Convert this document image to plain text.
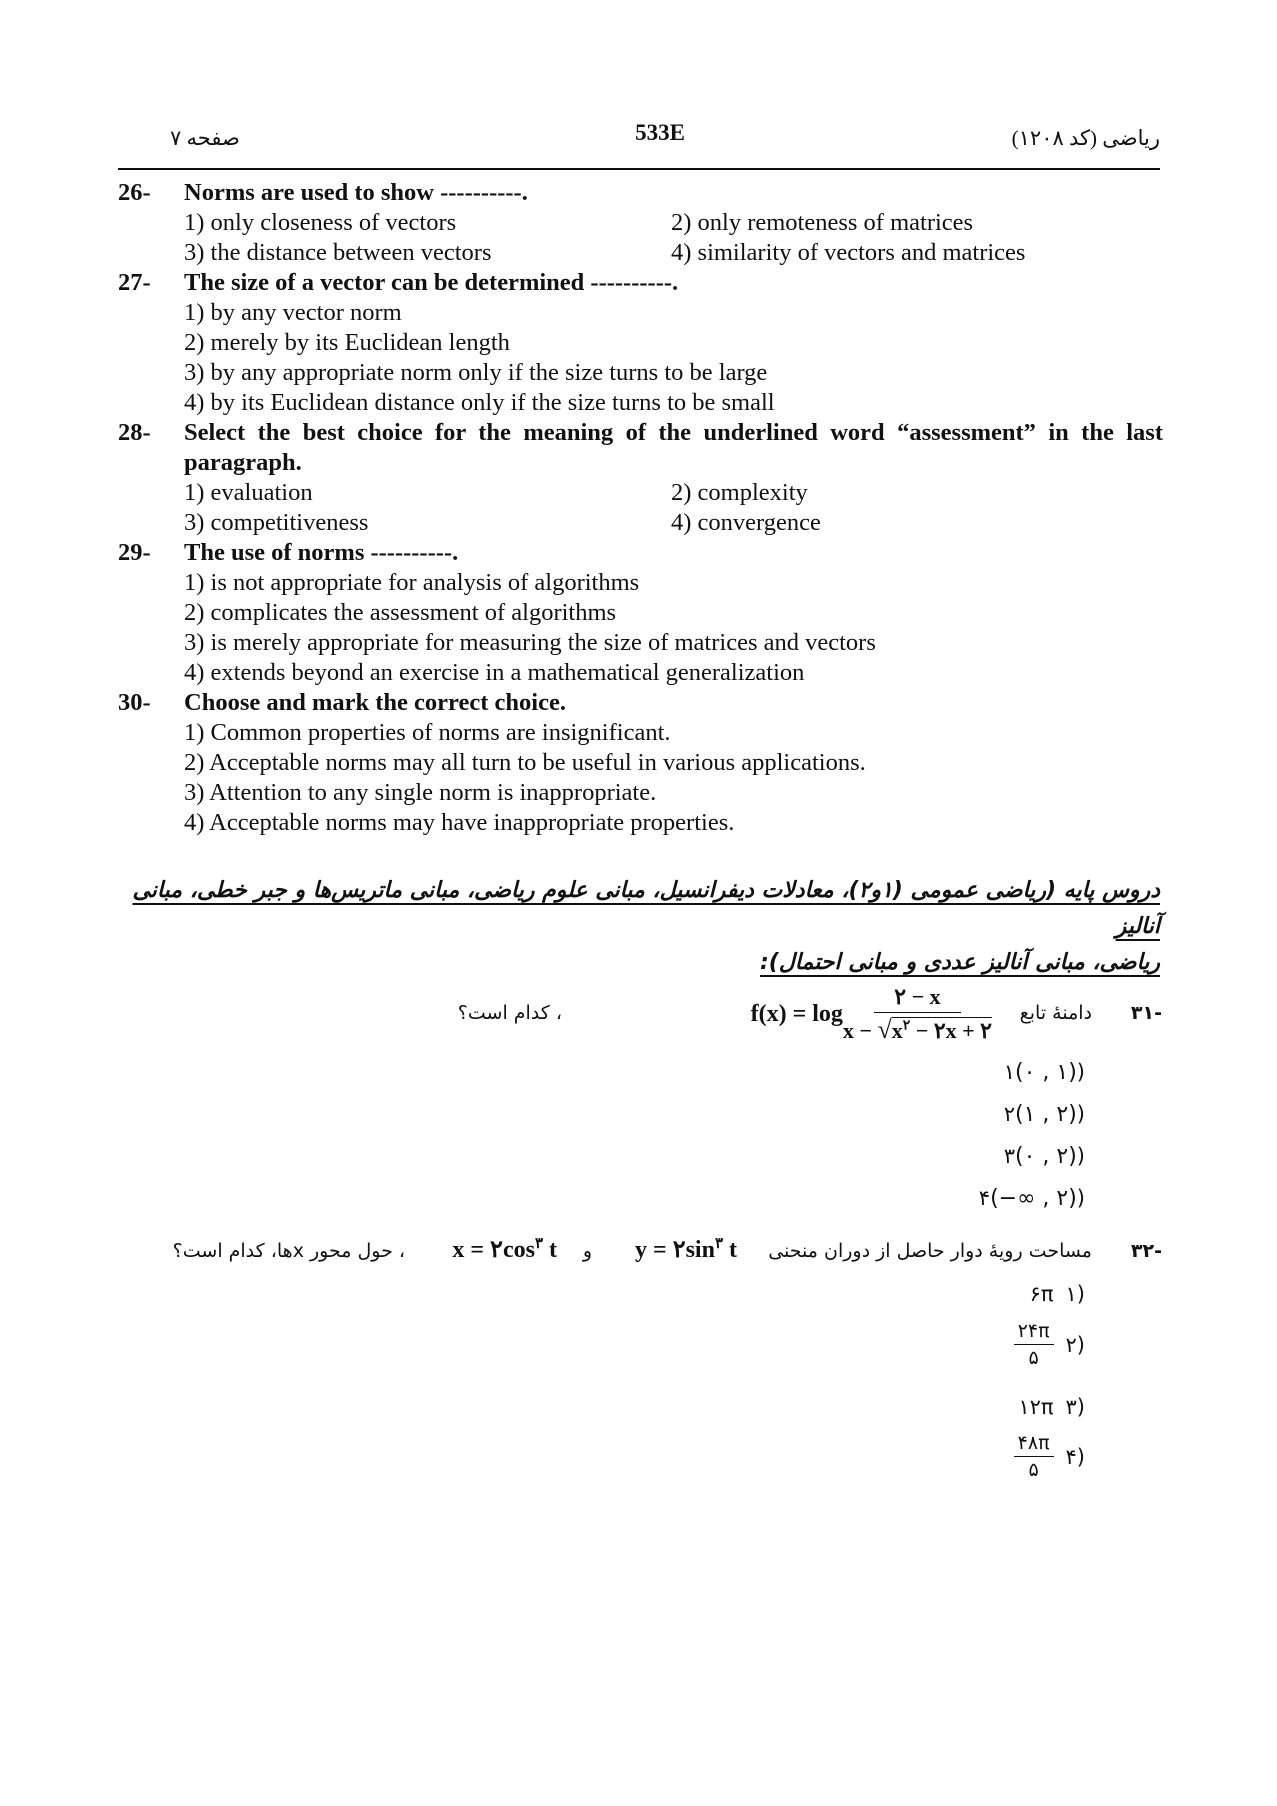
صفحه ۷	533E	ریاضی (کد ۱۲۰۸)
26- Norms are used to show ----------.
1) only closeness of vectors	2) only remoteness of matrices
3) the distance between vectors	4) similarity of vectors and matrices
27- The size of a vector can be determined ----------.
1) by any vector norm
2) merely by its Euclidean length
3) by any appropriate norm only if the size turns to be large
4) by its Euclidean distance only if the size turns to be small
28- Select the best choice for the meaning of the underlined word “assessment” in the last paragraph.
1) evaluation	2) complexity
3) competitiveness	4) convergence
29- The use of norms ----------.
1) is not appropriate for analysis of algorithms
2) complicates the assessment of algorithms
3) is merely appropriate for measuring the size of matrices and vectors
4) extends beyond an exercise in a mathematical generalization
30- Choose and mark the correct choice.
1) Common properties of norms are insignificant.
2) Acceptable norms may all turn to be useful in various applications.
3) Attention to any single norm is inappropriate.
4) Acceptable norms may have inappropriate properties.
دروس پایه (ریاضی عمومی (۱و۲)، معادلات دیفرانسیل، مبانی علوم ریاضی، مبانی ماتریس‌ها و جبر خطی، مبانی آنالیز
ریاضی، مبانی آنالیز عددی و مبانی احتمال):
-۳۱
دامنهٔ تابع
$f(x) = \log \frac{۲ - x}{x - √x^۲ - ۲x + ۲}$
، کدام است؟
(۱(۰ , ۱)
(۲(۱ , ۲)
(۳(۰ , ۲)
(۴(−∞ , ۲)
-۳۲
مساحت رویهٔ دوار حاصل از دوران منحنی
$y = ۲\sin^۳$ t
و
$x = ۲\cos^۳$ t
، حول محور xها، کدام است؟
(۱
۶π
(۲
$\frac{۲۴\pi}{۵}$
(۳
۱۲π
(۴
$\frac{۴۸\pi}{۵}$
